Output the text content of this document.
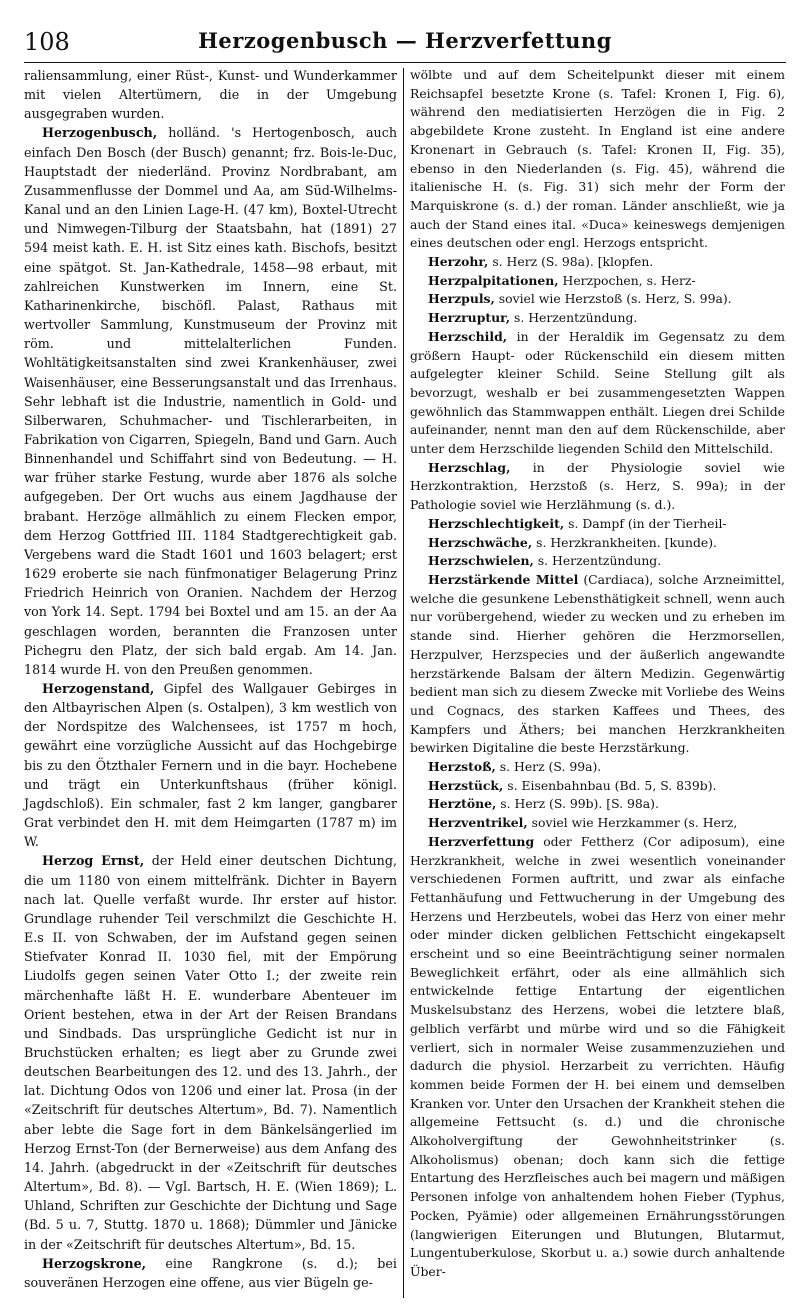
108	Herzogenbusch — Herzverfettung

raliensammlung, einer Rüst-, Kunst- und Wunderkammer mit vielen Altertümern, die in der Umgebung ausgegraben wurden.

Herzogenbusch, holländ. 's Hertogenbosch, auch einfach Den Bosch (der Busch) genannt; frz. Bois-le-Duc, Hauptstadt der niederländ. Provinz Nordbrabant, am Zusammenflusse der Dommel und Aa, am Süd-Wilhelms-Kanal und an den Linien Lage-H. (47 km), Boxtel-Utrecht und Nimwegen-Tilburg der Staatsbahn, hat (1891) 27 594 meist kath. E. H. ist Sitz eines kath. Bischofs, besitzt eine spätgot. St. Jan-Kathedrale, 1458—98 erbaut, mit zahlreichen Kunstwerken im Innern, eine St. Katharinenkirche, bischöfl. Palast, Rathaus mit wertvoller Sammlung, Kunstmuseum der Provinz mit röm. und mittelalterlichen Funden. Wohltätigkeitsanstalten sind zwei Krankenhäuser, zwei Waisenhäuser, eine Besserungsanstalt und das Irrenhaus. Sehr lebhaft ist die Industrie, namentlich in Gold- und Silberwaren, Schuhmacher- und Tischlerarbeiten, in Fabrikation von Cigarren, Spiegeln, Band und Garn. Auch Binnenhandel und Schiffahrt sind von Bedeutung. — H. war früher starke Festung, wurde aber 1876 als solche aufgegeben. Der Ort wuchs aus einem Jagdhause der brabant. Herzöge allmählich zu einem Flecken empor, dem Herzog Gottfried III. 1184 Stadtgerechtigkeit gab. Vergebens ward die Stadt 1601 und 1603 belagert; erst 1629 eroberte sie nach fünfmonatiger Belagerung Prinz Friedrich Heinrich von Oranien. Nachdem der Herzog von York 14. Sept. 1794 bei Boxtel und am 15. an der Aa geschlagen worden, berannten die Franzosen unter Pichegru den Platz, der sich bald ergab. Am 14. Jan. 1814 wurde H. von den Preußen genommen.

Herzogenstand, Gipfel des Wallgauer Gebirges in den Altbayrischen Alpen (s. Ostalpen), 3 km westlich von der Nordspitze des Walchensees, ist 1757 m hoch, gewährt eine vorzügliche Aussicht auf das Hochgebirge bis zu den Ötzthaler Fernern und in die bayr. Hochebene und trägt ein Unterkunftshaus (früher königl. Jagdschloß). Ein schmaler, fast 2 km langer, gangbarer Grat verbindet den H. mit dem Heimgarten (1787 m) im W.

Herzog Ernst, der Held einer deutschen Dichtung, die um 1180 von einem mittelfränk. Dichter in Bayern nach lat. Quelle verfaßt wurde. Ihr erster auf histor. Grundlage ruhender Teil verschmilzt die Geschichte H. E.s II. von Schwaben, der im Aufstand gegen seinen Stiefvater Konrad II. 1030 fiel, mit der Empörung Liudolfs gegen seinen Vater Otto I.; der zweite rein märchenhafte läßt H. E. wunderbare Abenteuer im Orient bestehen, etwa in der Art der Reisen Brandans und Sindbads. Das ursprüngliche Gedicht ist nur in Bruchstücken erhalten; es liegt aber zu Grunde zwei deutschen Bearbeitungen des 12. und des 13. Jahrh., der lat. Dichtung Odos von 1206 und einer lat. Prosa (in der «Zeitschrift für deutsches Altertum», Bd. 7). Namentlich aber lebte die Sage fort in dem Bänkelsängerlied im Herzog Ernst-Ton (der Bernerweise) aus dem Anfang des 14. Jahrh. (abgedruckt in der «Zeitschrift für deutsches Altertum», Bd. 8). — Vgl. Bartsch, H. E. (Wien 1869); L. Uhland, Schriften zur Geschichte der Dichtung und Sage (Bd. 5 u. 7, Stuttg. 1870 u. 1868); Dümmler und Jänicke in der «Zeitschrift für deutsches Altertum», Bd. 15.

Herzogskrone, eine Rangkrone (s. d.); bei souveränen Herzogen eine offene, aus vier Bügeln ge-

wölbte und auf dem Scheitelpunkt dieser mit einem Reichsapfel besetzte Krone (s. Tafel: Kronen I, Fig. 6), während den mediatisierten Herzögen die in Fig. 2 abgebildete Krone zusteht. In England ist eine andere Kronenart in Gebrauch (s. Tafel: Kronen II, Fig. 35), ebenso in den Niederlanden (s. Fig. 45), während die italienische H. (s. Fig. 31) sich mehr der Form der Marquiskrone (s. d.) der roman. Länder anschließt, wie ja auch der Stand eines ital. «Duca» keineswegs demjenigen eines deutschen oder engl. Herzogs entspricht.

Herzohr, s. Herz (S. 98a). [klopfen.

Herzpalpitationen, Herzpochen, s. Herz-

Herzpuls, soviel wie Herzstoß (s. Herz, S. 99a).

Herzruptur, s. Herzentzündung.

Herzschild, in der Heraldik im Gegensatz zu dem größern Haupt- oder Rückenschild ein diesem mitten aufgelegter kleiner Schild. Seine Stellung gilt als bevorzugt, weshalb er bei zusammengesetzten Wappen gewöhnlich das Stammwappen enthält. Liegen drei Schilde aufeinander, nennt man den auf dem Rückenschilde, aber unter dem Herzschilde liegenden Schild den Mittelschild.

Herzschlag, in der Physiologie soviel wie Herzkontraktion, Herzstoß (s. Herz, S. 99a); in der Pathologie soviel wie Herzlähmung (s. d.).

Herzschlechtigkeit, s. Dampf (in der Tierheil-

Herzschwäche, s. Herzkrankheiten. [kunde).

Herzschwielen, s. Herzentzündung.

Herzstärkende Mittel (Cardiaca), solche Arzneimittel, welche die gesunkene Lebensthätigkeit schnell, wenn auch nur vorübergehend, wieder zu wecken und zu erheben im stande sind. Hierher gehören die Herzmorsellen, Herzpulver, Herzspecies und der äußerlich angewandte herzstärkende Balsam der ältern Medizin. Gegenwärtig bedient man sich zu diesem Zwecke mit Vorliebe des Weins und Cognacs, des starken Kaffees und Thees, des Kampfers und Äthers; bei manchen Herzkrankheiten bewirken Digitaline die beste Herzstärkung.

Herzstoß, s. Herz (S. 99a).

Herzstück, s. Eisenbahnbau (Bd. 5, S. 839b).

Herztöne, s. Herz (S. 99b). [S. 98a).

Herzventrikel, soviel wie Herzkammer (s. Herz,

Herzverfettung oder Fettherz (Cor adiposum), eine Herzkrankheit, welche in zwei wesentlich voneinander verschiedenen Formen auftritt, und zwar als einfache Fettanhäufung und Fettwucherung in der Umgebung des Herzens und Herzbeutels, wobei das Herz von einer mehr oder minder dicken gelblichen Fettschicht eingekapselt erscheint und so eine Beeinträchtigung seiner normalen Beweglichkeit erfährt, oder als eine allmählich sich entwickelnde fettige Entartung der eigentlichen Muskelsubstanz des Herzens, wobei die letztere blaß, gelblich verfärbt und mürbe wird und so die Fähigkeit verliert, sich in normaler Weise zusammenzuziehen und dadurch die physiol. Herzarbeit zu verrichten. Häufig kommen beide Formen der H. bei einem und demselben Kranken vor. Unter den Ursachen der Krankheit stehen die allgemeine Fettsucht (s. d.) und die chronische Alkoholvergiftung der Gewohnheitstrinker (s. Alkoholismus) obenan; doch kann sich die fettige Entartung des Herzfleisches auch bei magern und mäßigen Personen infolge von anhaltendem hohen Fieber (Typhus, Pocken, Pyämie) oder allgemeinen Ernährungsstörungen (langwierigen Eiterungen und Blutungen, Blutarmut, Lungentuberkulose, Skorbut u. a.) sowie durch anhaltende Über-
